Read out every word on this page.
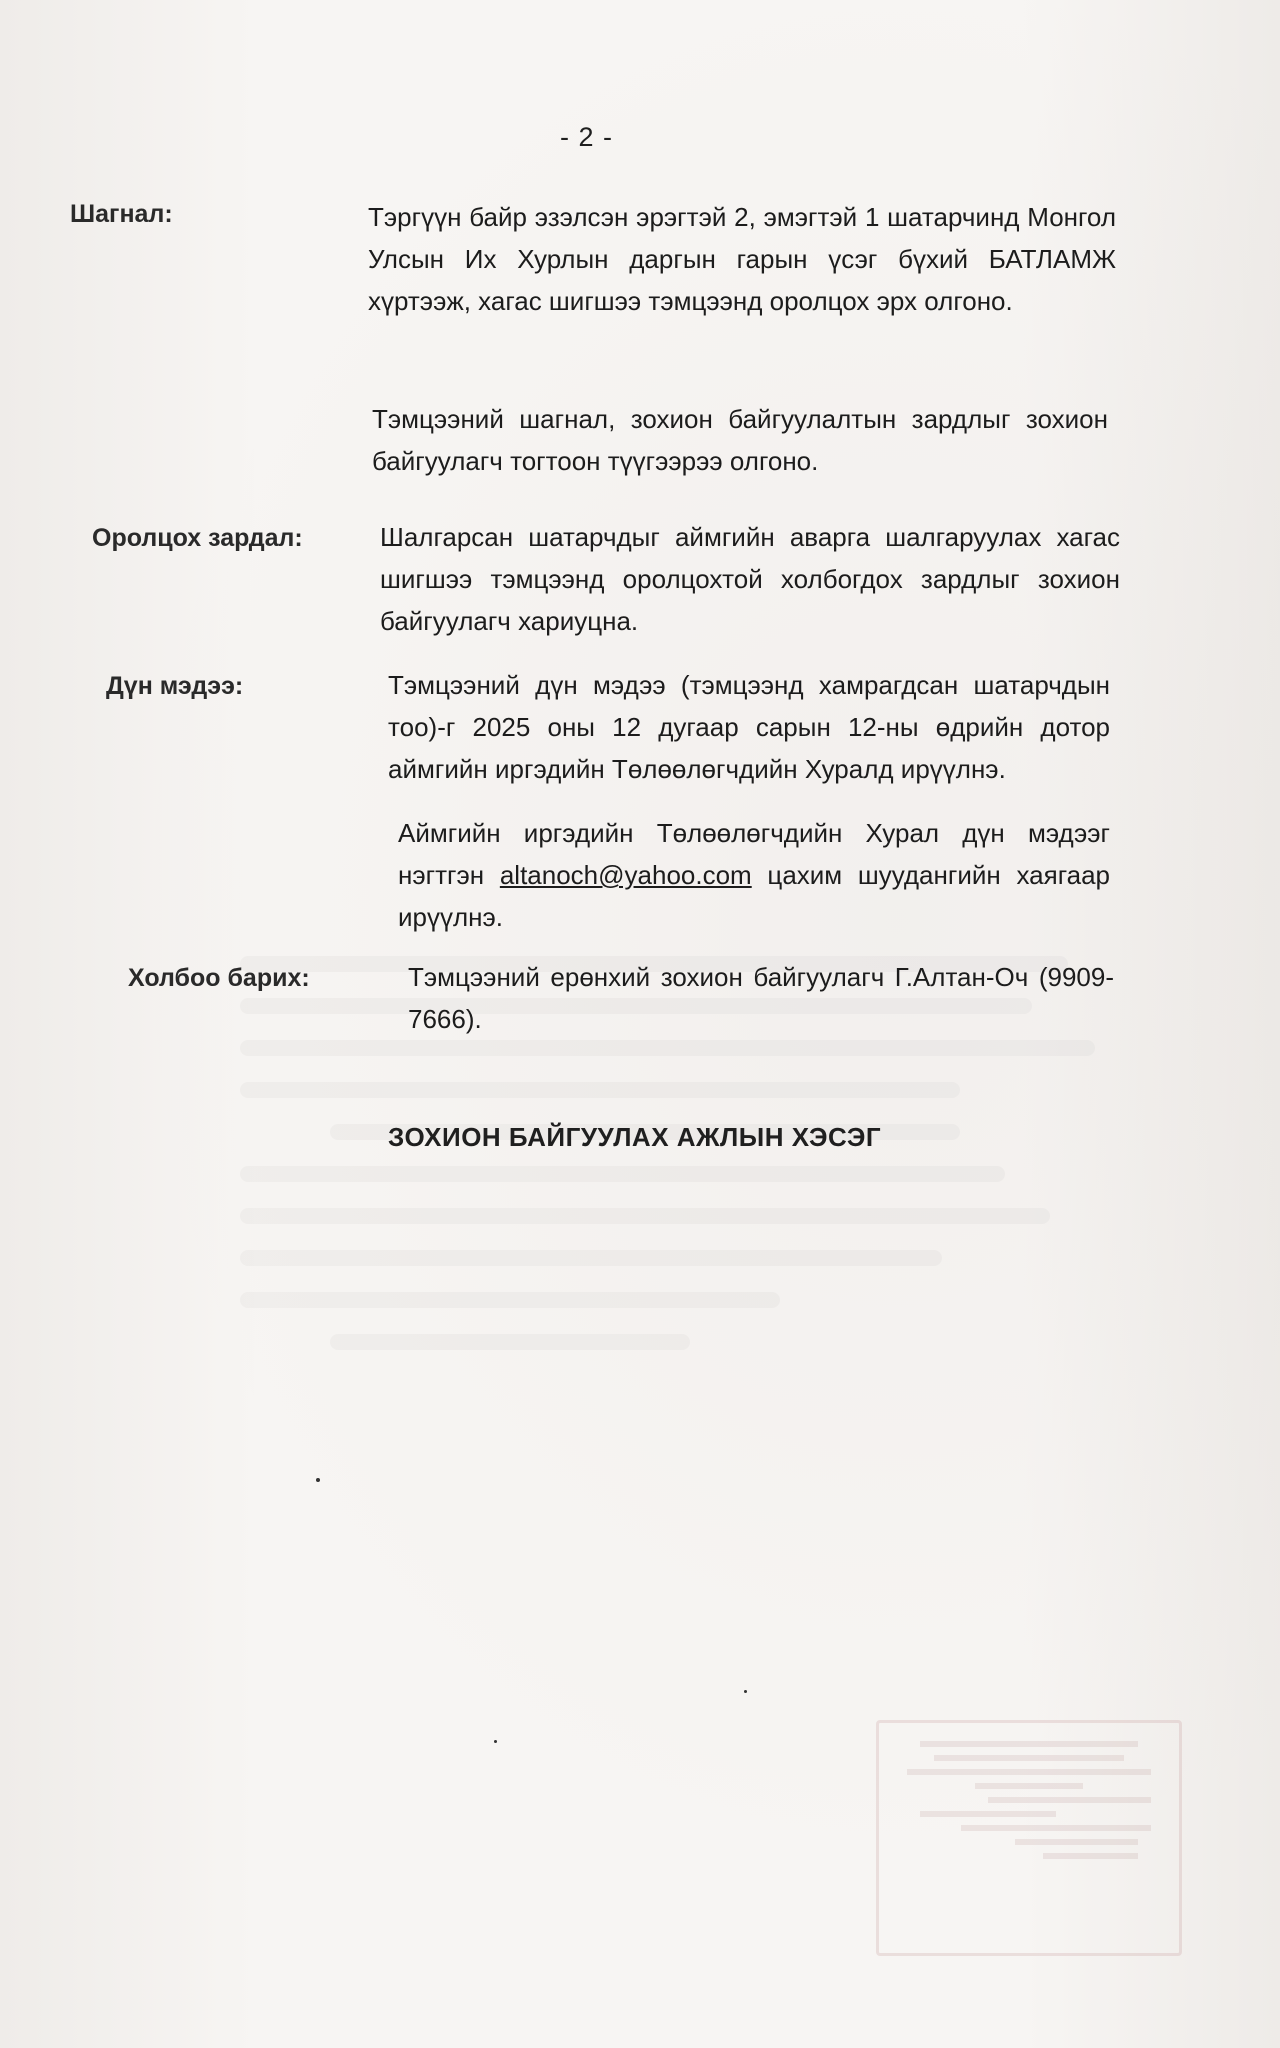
- 2 -
Шагнал:	Тэргүүн байр эзэлсэн эрэгтэй 2, эмэгтэй 1 шатарчинд Монгол Улсын Их Хурлын даргын гарын үсэг бүхий БАТЛАМЖ хүртээж, хагас шигшээ тэмцээнд оролцох эрх олгоно.
Тэмцээний шагнал, зохион байгуулалтын зардлыг зохион байгуулагч тогтоон түүгээрээ олгоно.
Оролцох зардал:	Шалгарсан шатарчдыг аймгийн аварга шалгаруулах хагас шигшээ тэмцээнд оролцохтой холбогдох зардлыг зохион байгуулагч хариуцна.
Дүн мэдээ:	Тэмцээний дүн мэдээ (тэмцээнд хамрагдсан шатарчдын тоо)-г 2025 оны 12 дугаар сарын 12-ны өдрийн дотор аймгийн иргэдийн Төлөөлөгчдийн Хуралд ирүүлнэ.
Аймгийн иргэдийн Төлөөлөгчдийн Хурал дүн мэдээг нэгтгэн altanoch@yahoo.com цахим шуудангийн хаягаар ирүүлнэ.
Холбоо барих:	Тэмцээний ерөнхий зохион байгуулагч Г.Алтан-Оч (9909-7666).
ЗОХИОН БАЙГУУЛАХ АЖЛЫН ХЭСЭГ
